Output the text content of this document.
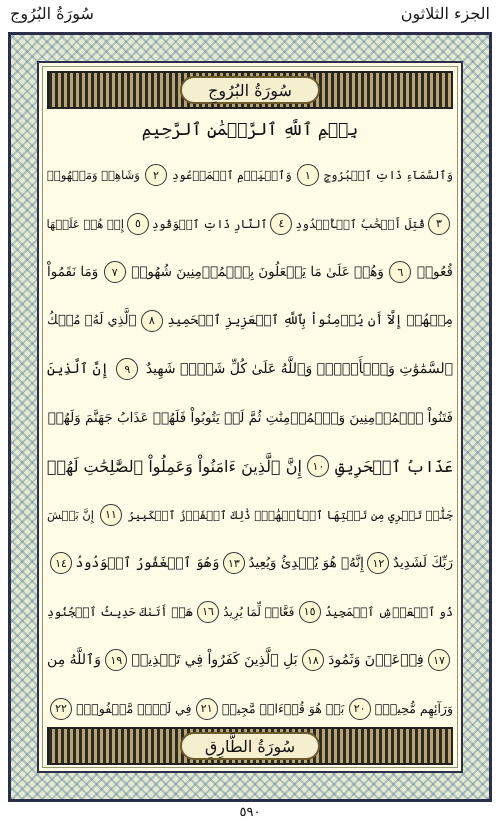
سُورَةُ البُرُوج	الجزء الثلاثون
سُورَةُ البُرُوجِ
بِسۡمِ ٱللَّهِ ٱلرَّحۡمَٰنِ ٱلرَّحِيمِ
وَٱلسَّمَآءِ ذَاتِ ٱلۡبُرُوجِ
١
وَٱلۡيَوۡمِ ٱلۡمَوۡعُودِ
٢
وَشَاهِدٖ وَمَشۡهُودٖ
٣
قُتِلَ أَصۡحَٰبُ ٱلۡأُخۡدُودِ
٤
ٱلنَّارِ ذَاتِ ٱلۡوَقُودِ
٥
إِذۡ هُمۡ عَلَيۡهَا
قُعُودٞ
٦
وَهُمۡ عَلَىٰ مَا يَفۡعَلُونَ بِٱلۡمُؤۡمِنِينَ شُهُودٞ
٧
وَمَا نَقَمُواْ
مِنۡهُمۡ إِلَّآ أَن يُؤۡمِنُواْ بِٱللَّهِ ٱلۡعَزِيزِ ٱلۡحَمِيدِ
٨
ٱلَّذِي لَهُۥ مُلۡكُ
ٱلسَّمَٰوَٰتِ وَٱلۡأَرۡضِۚ وَٱللَّهُ عَلَىٰ كُلِّ شَيۡءٖ شَهِيدٌ
٩
إِنَّ ٱلَّذِينَ
فَتَنُواْ ٱلۡمُؤۡمِنِينَ وَٱلۡمُؤۡمِنَٰتِ ثُمَّ لَمۡ يَتُوبُواْ فَلَهُمۡ عَذَابُ جَهَنَّمَ وَلَهُمۡ
عَذَابُ ٱلۡحَرِيقِ
١٠
إِنَّ ٱلَّذِينَ ءَامَنُواْ وَعَمِلُواْ ٱلصَّٰلِحَٰتِ لَهُمۡ
جَنَّٰتٞ تَجۡرِي مِن تَحۡتِهَا ٱلۡأَنۡهَٰرُۚ ذَٰلِكَ ٱلۡفَوۡزُ ٱلۡكَبِيرُ
١١
إِنَّ بَطۡشَ
رَبِّكَ لَشَدِيدٌ
١٢
إِنَّهُۥ هُوَ يُبۡدِئُ وَيُعِيدُ
١٣
وَهُوَ ٱلۡغَفُورُ ٱلۡوَدُودُ
١٤
ذُو ٱلۡعَرۡشِ ٱلۡمَجِيدُ
١٥
فَعَّالٞ لِّمَا يُرِيدُ
١٦
هَلۡ أَتَىٰكَ حَدِيثُ ٱلۡجُنُودِ
١٧
فِرۡعَوۡنَ وَثَمُودَ
١٨
بَلِ ٱلَّذِينَ كَفَرُواْ فِي تَكۡذِيبٖ
١٩
وَٱللَّهُ مِن
وَرَآئِهِم مُّحِيطُۢ
٢٠
بَلۡ هُوَ قُرۡءَانٞ مَّجِيدٞ
٢١
فِي لَوۡحٖ مَّحۡفُوظِۭ
٢٢
سُورَةُ الطَّارِقِ
٥٩٠
